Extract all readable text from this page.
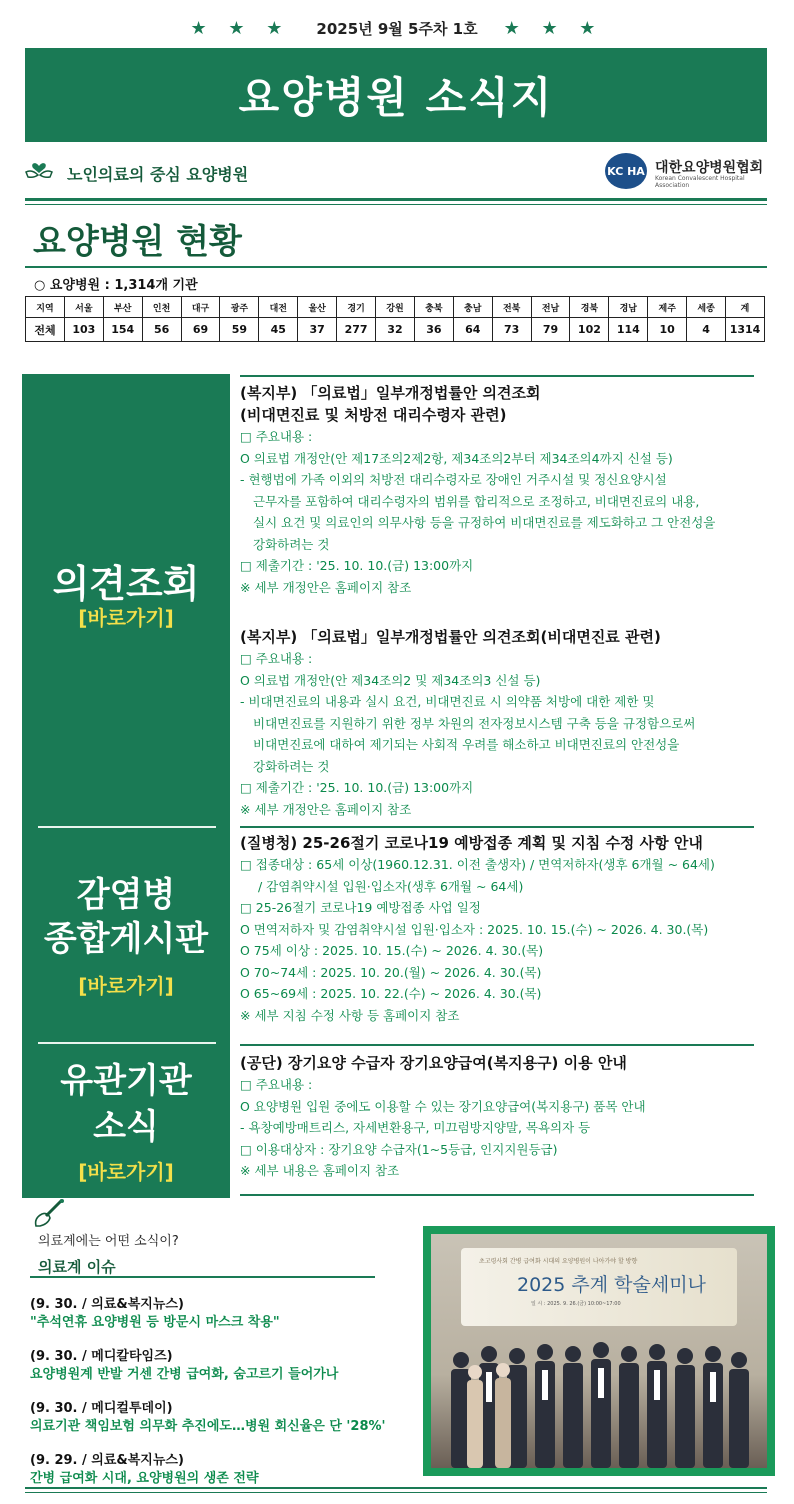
★ ★ ★ 2025년 9월 5주차 1호 ★ ★ ★
요양병원 소식지
노인의료의 중심 요양병원	KC HA 대한요양병원협회
Korean Convalescent Hospital Association
요양병원 현황
○ 요양병원 : 1,314개 기관
지역	서울	부산	인천	대구	광주	대전	울산	경기	강원	충북	충남	전북	전남	경북	경남	제주	세종	계
전체	103	154	56	69	59	45	37	277	32	36	64	73	79	102	114	10	4	1314
의견조회
[바로가기]
감염병
종합게시판
[바로가기]
유관기관
소식
[바로가기]
(복지부) 「의료법」일부개정법률안 의견조회
(비대면진료 및 처방전 대리수령자 관련)
□ 주요내용 :
O 의료법 개정안(안 제17조의2제2항, 제34조의2부터 제34조의4까지 신설 등)
- 현행법에 가족 이외의 처방전 대리수령자로 장애인 거주시설 및 정신요양시설
근무자를 포함하여 대리수령자의 범위를 합리적으로 조정하고, 비대면진료의 내용,
실시 요건 및 의료인의 의무사항 등을 규정하여 비대면진료를 제도화하고 그 안전성을
강화하려는 것
□ 제출기간 : '25. 10. 10.(금) 13:00까지
※ 세부 개정안은 홈페이지 참조
(복지부) 「의료법」일부개정법률안 의견조회(비대면진료 관련)
□ 주요내용 :
O 의료법 개정안(안 제34조의2 및 제34조의3 신설 등)
- 비대면진료의 내용과 실시 요건, 비대면진료 시 의약품 처방에 대한 제한 및
비대면진료를 지원하기 위한 정부 차원의 전자정보시스템 구축 등을 규정함으로써
비대면진료에 대하여 제기되는 사회적 우려를 해소하고 비대면진료의 안전성을
강화하려는 것
□ 제출기간 : '25. 10. 10.(금) 13:00까지
※ 세부 개정안은 홈페이지 참조
(질병청) 25-26절기 코로나19 예방접종 계획 및 지침 수정 사항 안내
□ 접종대상 : 65세 이상(1960.12.31. 이전 출생자) / 면역저하자(생후 6개월 ~ 64세)
/ 감염취약시설 입원·입소자(생후 6개월 ~ 64세)
□ 25-26절기 코로나19 예방접종 사업 일정
O 면역저하자 및 감염취약시설 입원·입소자 : 2025. 10. 15.(수) ~ 2026. 4. 30.(목)
O 75세 이상 : 2025. 10. 15.(수) ~ 2026. 4. 30.(목)
O 70~74세 : 2025. 10. 20.(월) ~ 2026. 4. 30.(목)
O 65~69세 : 2025. 10. 22.(수) ~ 2026. 4. 30.(목)
※ 세부 지침 수정 사항 등 홈페이지 참조
(공단) 장기요양 수급자 장기요양급여(복지용구) 이용 안내
□ 주요내용 :
O 요양병원 입원 중에도 이용할 수 있는 장기요양급여(복지용구) 품목 안내
- 욕창예방매트리스, 자세변환용구, 미끄럼방지양말, 목욕의자 등
□ 이용대상자 : 장기요양 수급자(1~5등급, 인지지원등급)
※ 세부 내용은 홈페이지 참조
의료계에는 어떤 소식이?
의료계 이슈
(9. 30. / 의료&복지뉴스)
"추석연휴 요양병원 등 방문시 마스크 착용"
(9. 30. / 메디칼타임즈)
요양병원계 반발 거센 간병 급여화, 숨고르기 들어가나
(9. 30. / 메디컬투데이)
의료기관 책임보험 의무화 추진에도…병원 회신율은 단 '28%'
(9. 29. / 의료&복지뉴스)
간병 급여화 시대, 요양병원의 생존 전략
초고령사회 간병 급여화 시대의 요양병원이 나아가야 할 방향
2025 추계 학술세미나
일 시 : 2025. 9. 26.(금) 10:00~17:00
